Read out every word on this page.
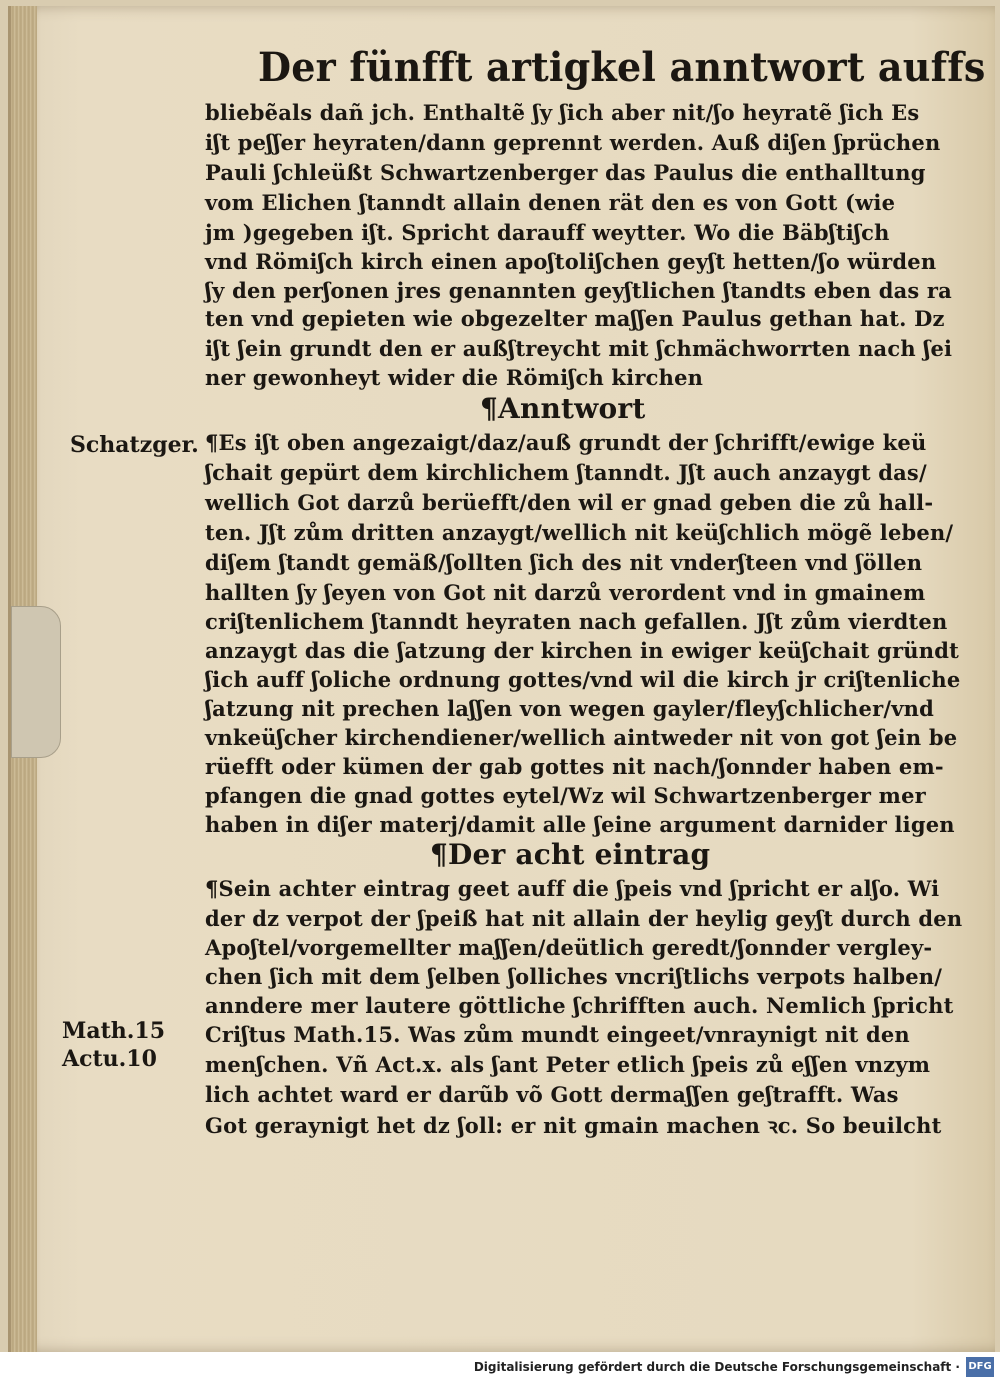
Der fünfft artigkel anntwort auffs
bliebẽals dañ jch. Enthaltẽ ʃy ʃich aber nit/ʃo heyratẽ ʃich Es
iʃt peʃʃer heyraten/dann geprennt werden. Auß diʃen ʃprüchen
Pauli ʃchleüßt Schwartzenberger das Paulus die enthalltung
vom Elichen ʃtanndt allain denen rät den es von Gott (wie
jm )gegeben iʃt. Spricht darauff weytter. Wo die Bäbʃtiʃch
vnd Römiʃch kirch einen apoʃtoliʃchen geyʃt hetten/ʃo würden
ʃy den perʃonen jres genannten geyʃtlichen ʃtandts eben das ra
ten vnd gepieten wie obgezelter maʃʃen Paulus gethan hat. Dz
iʃt ʃein grundt den er außʃtreycht mit ʃchmächworrten nach ʃei
ner gewonheyt wider die Römiʃch kirchen
¶Anntwort
Schatzger. ¶Es iʃt oben angezaigt/daz/auß grundt der ʃchrifft/ewige keü
ʃchait gepürt dem kirchlichem ʃtanndt. Jʃt auch anzaygt das/
wellich Got darzů berüefft/den wil er gnad geben die zů hall-
ten. Jʃt zům dritten anzaygt/wellich nit keüʃchlich mögẽ leben/
diʃem ʃtandt gemäß/ʃollten ʃich des nit vnderʃteen vnd ʃöllen
hallten ʃy ʃeyen von Got nit darzů verordent vnd in gmainem
criʃtenlichem ʃtanndt heyraten nach gefallen. Jʃt zům vierdten
anzaygt das die ʃatzung der kirchen in ewiger keüʃchait gründt
ʃich auff ʃoliche ordnung gottes/vnd wil die kirch jr criʃtenliche
ʃatzung nit prechen laʃʃen von wegen gayler/fleyʃchlicher/vnd
vnkeüʃcher kirchendiener/wellich aintweder nit von got ʃein be
rüefft oder kümen der gab gottes nit nach/ʃonnder haben em-
pfangen die gnad gottes eytel/Wz wil Schwartzenberger mer
haben in diʃer materj/damit alle ʃeine argument darnider ligen
¶Der acht eintrag
¶Sein achter eintrag geet auff die ʃpeis vnd ʃpricht er alʃo. Wi
der dz verpot der ʃpeiß hat nit allain der heylig geyʃt durch den
Apoʃtel/vorgemellter maʃʃen/deütlich geredt/ʃonnder vergley-
chen ʃich mit dem ʃelben ʃolliches vncriʃtlichs verpots halben/
anndere mer lautere göttliche ʃchrifften auch. Nemlich ʃpricht
Criʃtus Math.15. Was zům mundt eingeet/vnraynigt nit den
menʃchen. Vñ Act.x. als ʃant Peter etlich ʃpeis zů eʃʃen vnzym
lich achtet ward er darũb võ Gott dermaʃʃen geʃtrafft. Was
Got geraynigt het dz ʃoll: er nit gmain machen ꝛc. So beuilcht
Math.15
Actu.10
Digitalisierung gefördert durch die Deutsche Forschungsgemeinschaft · DFG
